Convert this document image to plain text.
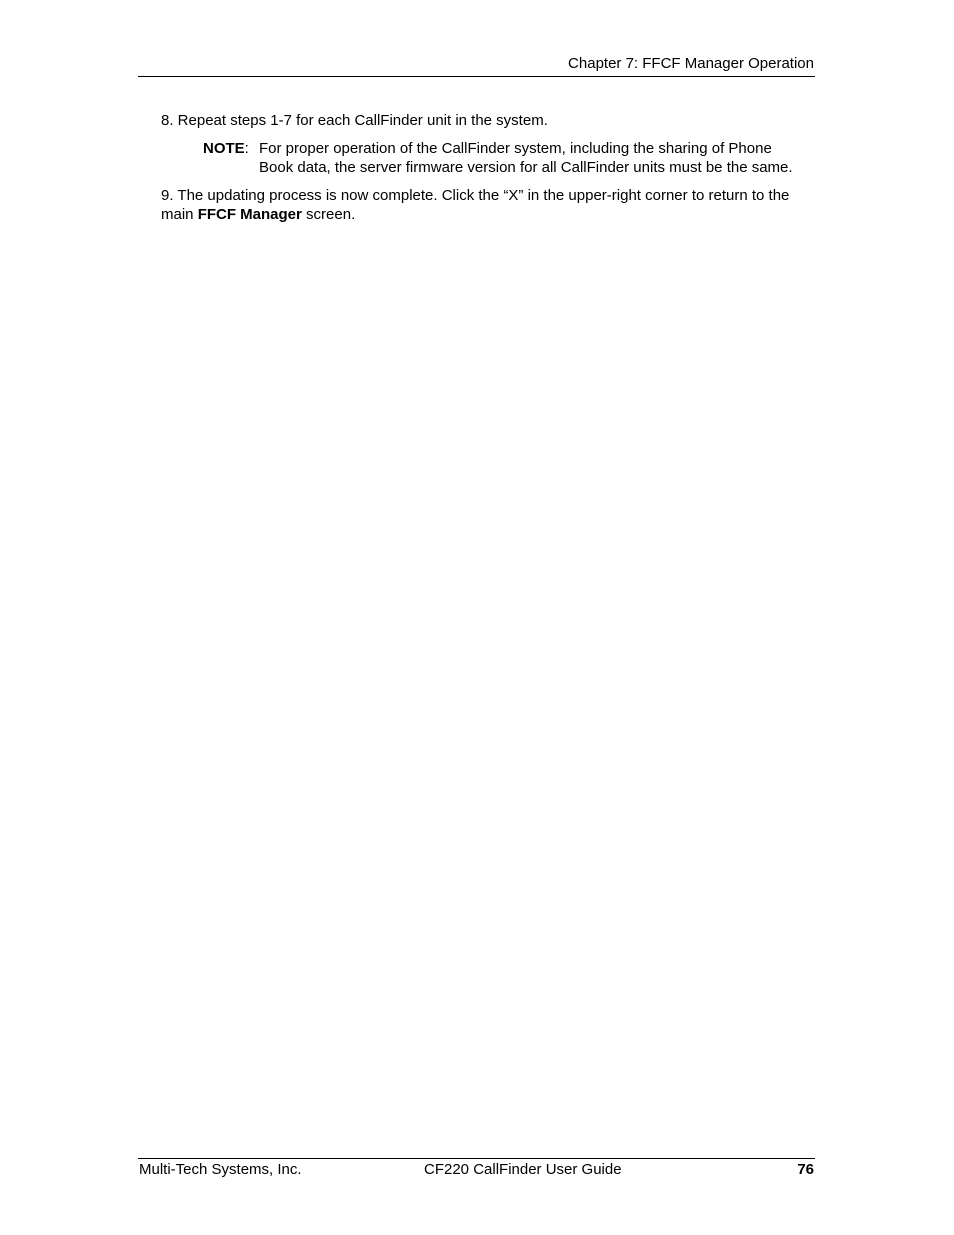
Chapter 7: FFCF Manager Operation

8. Repeat steps 1-7 for each CallFinder unit in the system.

NOTE: For proper operation of the CallFinder system, including the sharing of Phone Book data, the server firmware version for all CallFinder units must be the same.

9. The updating process is now complete. Click the “X” in the upper-right corner to return to the main FFCF Manager screen.

Multi-Tech Systems, Inc.	CF220 CallFinder User Guide	76
